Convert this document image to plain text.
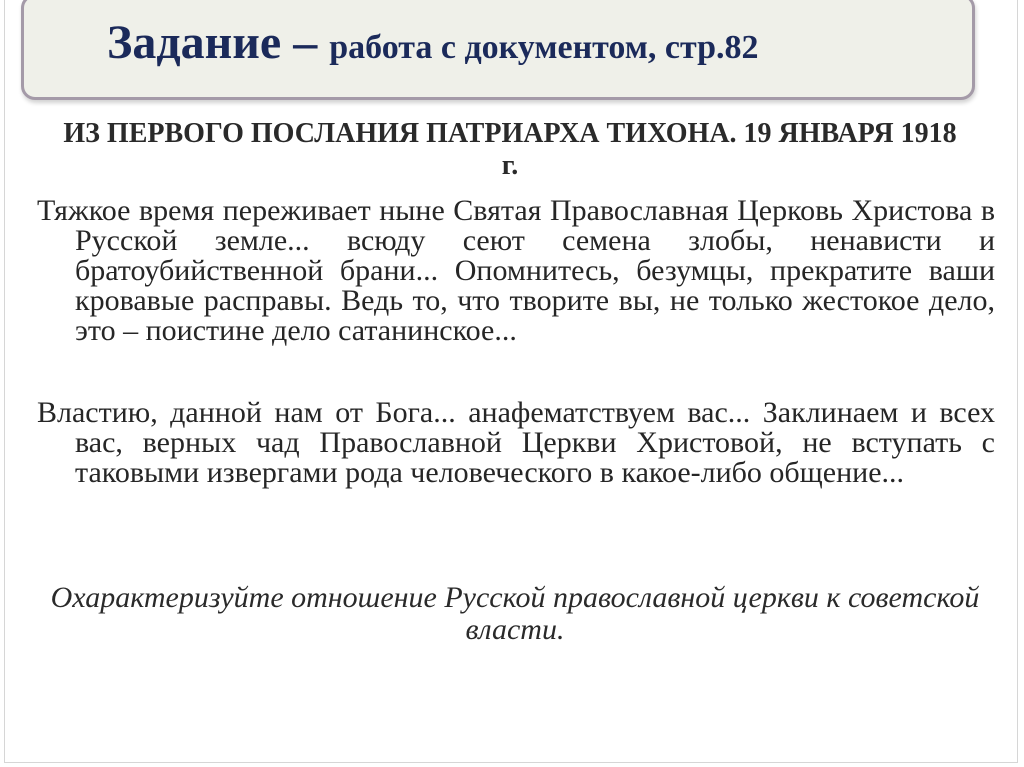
Задание – работа с документом, стр.82
ИЗ ПЕРВОГО ПОСЛАНИЯ ПАТРИАРХА ТИХОНА. 19 ЯНВАРЯ 1918 г.

Тяжкое время переживает ныне Святая Православная Церковь Христова в Русской земле... всюду сеют семена злобы, ненависти и братоубийственной брани... Опомнитесь, безумцы, прекратите ваши кровавые расправы. Ведь то, что творите вы, не только жестокое дело, это – поистине дело сатанинское...

Властию, данной нам от Бога... анафематствуем вас... Заклинаем и всех вас, верных чад Православной Церкви Христовой, не вступать с таковыми извергами рода человеческого в какое-либо общение...

Охарактеризуйте отношение Русской православной церкви к советской власти.
